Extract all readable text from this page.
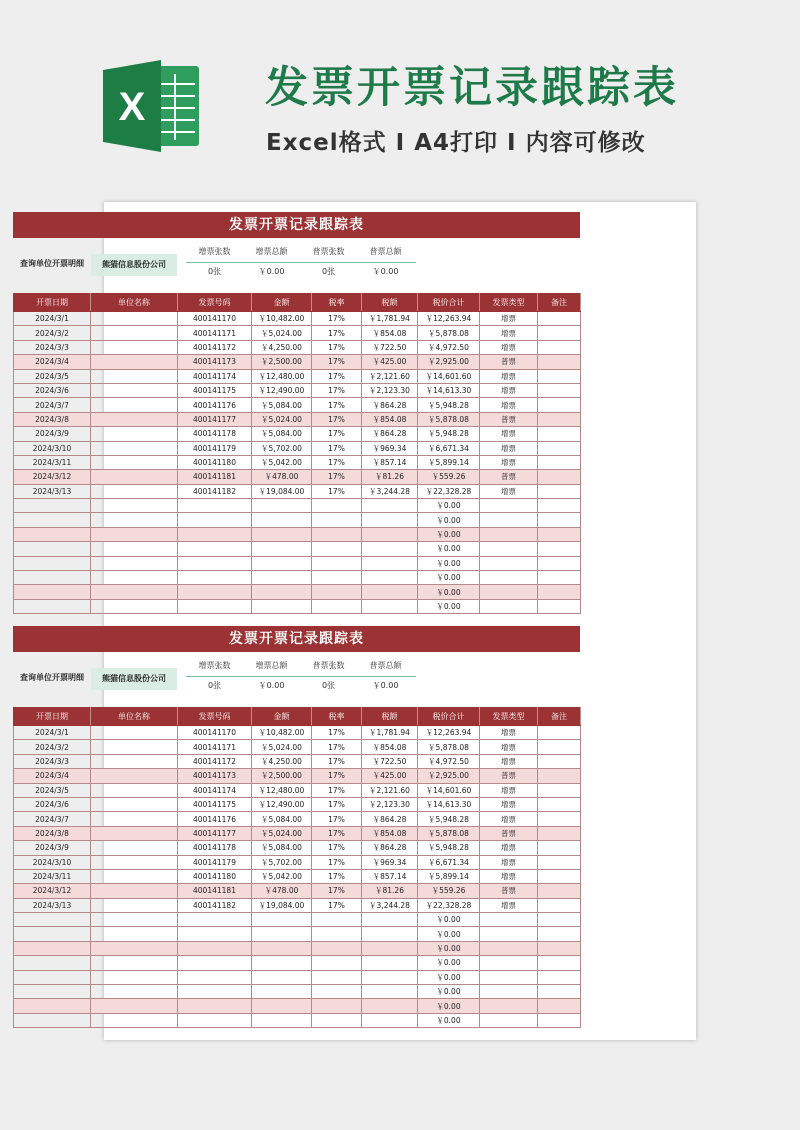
X	发票开票记录跟踪表
Excel格式 I A4打印 I 内容可修改
发票开票记录跟踪表
查询单位开票明细	熊猫信息股份公司
增票张数	增票总额	普票张数	普票总额
0张	￥0.00	0张	￥0.00
开票日期	单位名称	发票号码	金额	税率	税额	税价合计	发票类型	备注
2024/3/1		400141170	￥10,482.00	17%	￥1,781.94	￥12,263.94	增票	
2024/3/2		400141171	￥5,024.00	17%	￥854.08	￥5,878.08	增票	
2024/3/3		400141172	￥4,250.00	17%	￥722.50	￥4,972.50	增票	
2024/3/4		400141173	￥2,500.00	17%	￥425.00	￥2,925.00	普票	
2024/3/5		400141174	￥12,480.00	17%	￥2,121.60	￥14,601.60	增票	
2024/3/6		400141175	￥12,490.00	17%	￥2,123.30	￥14,613.30	增票	
2024/3/7		400141176	￥5,084.00	17%	￥864.28	￥5,948.28	增票	
2024/3/8		400141177	￥5,024.00	17%	￥854.08	￥5,878.08	普票	
2024/3/9		400141178	￥5,084.00	17%	￥864.28	￥5,948.28	增票	
2024/3/10		400141179	￥5,702.00	17%	￥969.34	￥6,671.34	增票	
2024/3/11		400141180	￥5,042.00	17%	￥857.14	￥5,899.14	增票	
2024/3/12		400141181	￥478.00	17%	￥81.26	￥559.26	普票	
2024/3/13		400141182	￥19,084.00	17%	￥3,244.28	￥22,328.28	增票	
						￥0.00		
						￥0.00		
						￥0.00		
						￥0.00		
						￥0.00		
						￥0.00		
						￥0.00		
						￥0.00		
发票开票记录跟踪表
查询单位开票明细	熊猫信息股份公司
增票张数	增票总额	普票张数	普票总额
0张	￥0.00	0张	￥0.00
开票日期	单位名称	发票号码	金额	税率	税额	税价合计	发票类型	备注
2024/3/1		400141170	￥10,482.00	17%	￥1,781.94	￥12,263.94	增票	
2024/3/2		400141171	￥5,024.00	17%	￥854.08	￥5,878.08	增票	
2024/3/3		400141172	￥4,250.00	17%	￥722.50	￥4,972.50	增票	
2024/3/4		400141173	￥2,500.00	17%	￥425.00	￥2,925.00	普票	
2024/3/5		400141174	￥12,480.00	17%	￥2,121.60	￥14,601.60	增票	
2024/3/6		400141175	￥12,490.00	17%	￥2,123.30	￥14,613.30	增票	
2024/3/7		400141176	￥5,084.00	17%	￥864.28	￥5,948.28	增票	
2024/3/8		400141177	￥5,024.00	17%	￥854.08	￥5,878.08	普票	
2024/3/9		400141178	￥5,084.00	17%	￥864.28	￥5,948.28	增票	
2024/3/10		400141179	￥5,702.00	17%	￥969.34	￥6,671.34	增票	
2024/3/11		400141180	￥5,042.00	17%	￥857.14	￥5,899.14	增票	
2024/3/12		400141181	￥478.00	17%	￥81.26	￥559.26	普票	
2024/3/13		400141182	￥19,084.00	17%	￥3,244.28	￥22,328.28	增票	
						￥0.00		
						￥0.00		
						￥0.00		
						￥0.00		
						￥0.00		
						￥0.00		
						￥0.00		
						￥0.00		
